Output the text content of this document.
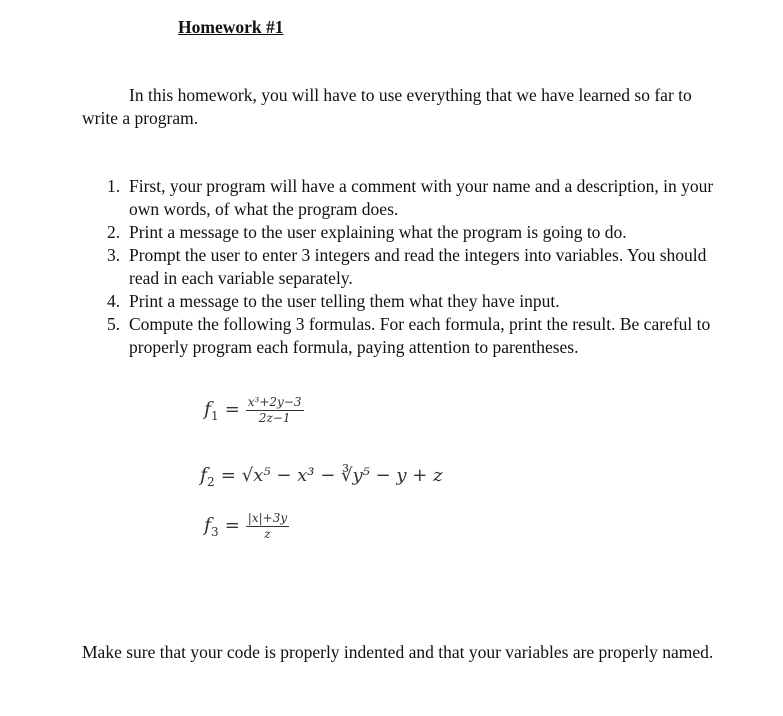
Homework #1

In this homework, you will have to use everything that we have learned so far to write a program.

1. First, your program will have a comment with your name and a description, in your own words, of what the program does.
2. Print a message to the user explaining what the program is going to do.
3. Prompt the user to enter 3 integers and read the integers into variables. You should read in each variable separately.
4. Print a message to the user telling them what they have input.
5. Compute the following 3 formulas. For each formula, print the result. Be careful to properly program each formula, paying attention to parentheses.
$f_1 = \frac{\text{x³+2y−3}}{2z-1}$
$f_2 = √x^5 - x^3$ − ∛y⁵ − y + z
$f_3 = \frac{|x|+3y}{z}$

Make sure that your code is properly indented and that your variables are properly named.
